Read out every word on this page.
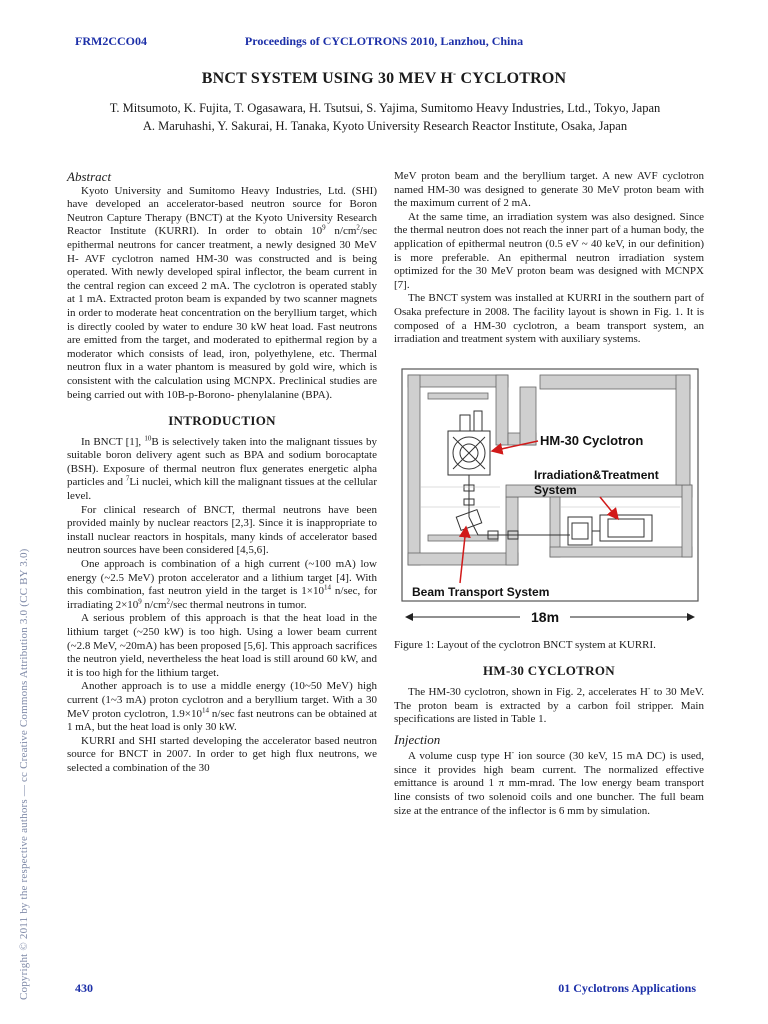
FRM2CCO04	Proceedings of CYCLOTRONS 2010, Lanzhou, China
BNCT SYSTEM USING 30 MEV H- CYCLOTRON
T. Mitsumoto, K. Fujita, T. Ogasawara, H. Tsutsui, S. Yajima, Sumitomo Heavy Industries, Ltd., Tokyo, Japan
A. Maruhashi, Y. Sakurai, H. Tanaka, Kyoto University Research Reactor Institute, Osaka, Japan
Abstract

Kyoto University and Sumitomo Heavy Industries, Ltd. (SHI) have developed an accelerator-based neutron source for Boron Neutron Capture Therapy (BNCT) at the Kyoto University Research Reactor Institute (KURRI). In order to obtain $10^9$ $n/cm^2/\sec$ epithermal neutrons for cancer treatment, a newly designed 30 MeV H- AVF cyclotron named HM-30 was constructed and is being operated. With newly developed spiral inflector, the beam current in the central region can exceed 2 mA. The cyclotron is operated stably at 1 mA. Extracted proton beam is expanded by two scanner magnets in order to moderate heat concentration on the beryllium target, which is directly cooled by water to endure 30 kW heat load. Fast neutrons are emitted from the target, and moderated to epithermal region by a moderator which consists of lead, iron, polyethylene, etc. Thermal neutron flux in a water phantom is measured by gold wire, which is consistent with the calculation using MCNPX. Preclinical studies are being carried out with 10B-p-Borono- phenylalanine (BPA).

INTRODUCTION

In BNCT [1], $^{10}$B is selectively taken into the malignant tissues by suitable boron delivery agent such as BPA and sodium borocaptate (BSH). Exposure of thermal neutron flux generates energetic alpha particles and $^7$Li nuclei, which kill the malignant tissues at the cellular level.

For clinical research of BNCT, thermal neutrons have been provided mainly by nuclear reactors [2,3]. Since it is inappropriate to install nuclear reactors in hospitals, many kinds of accelerator based neutron sources have been considered [4,5,6].

One approach is combination of a high current (~100 mA) low energy (~2.5 MeV) proton accelerator and a lithium target [4]. With this combination, fast neutron yield in the target is $1\times 10^{14}$ n/sec, for irradiating $2\times 10^9$ $n/cm^2/\sec$ thermal neutrons in tumor.

A serious problem of this approach is that the heat load in the lithium target (~250 kW) is too high. Using a lower beam current (~2.8 MeV, ~20mA) has been proposed [5,6]. This approach sacrifices the neutron yield, nevertheless the heat load is still around 60 kW, and it is too high for the lithium target.

Another approach is to use a middle energy (10~50 MeV) high current (1~3 mA) proton cyclotron and a beryllium target. With a 30 MeV proton cyclotron, $1.9\times 10^{14}$ n/sec fast neutrons can be obtained at 1 mA, but the heat load is only 30 kW.

KURRI and SHI started developing the accelerator based neutron source for BNCT in 2007. In order to get high flux neutrons, we selected a combination of the 30

MeV proton beam and the beryllium target. A new AVF cyclotron named HM-30 was designed to generate 30 MeV proton beam with the maximum current of 2 mA.

At the same time, an irradiation system was also designed. Since the thermal neutron does not reach the inner part of a human body, the application of epithermal neutron (0.5 eV ~ 40 keV, in our definition) is more preferable. An epithermal neutron irradiation system optimized for the 30 MeV proton beam was designed with MCNPX [7].

The BNCT system was installed at KURRI in the southern part of Osaka prefecture in 2008. The facility layout is shown in Fig. 1. It is composed of a HM-30 cyclotron, a beam transport system, an irradiation and treatment system with auxiliary systems.

HM-30 Cyclotron
Irradiation&Treatment
System
Beam Transport System
18m
Figure 1: Layout of the cyclotron BNCT system at KURRI.
HM-30 CYCLOTRON

The HM-30 cyclotron, shown in Fig. 2, accelerates H- to 30 MeV. The proton beam is extracted by a carbon foil stripper. Main specifications are listed in Table 1.

Injection

A volume cusp type H- ion source (30 keV, 15 mA DC) is used, since it provides high beam current. The normalized effective emittance is around 1 π mm-mrad. The low energy beam transport line consists of two solenoid coils and one buncher. The full beam size at the entrance of the inflector is 6 mm by simulation.

Copyright © 2011 by the respective authors — cc Creative Commons Attribution 3.0 (CC BY 3.0)	430	01 Cyclotrons Applications
